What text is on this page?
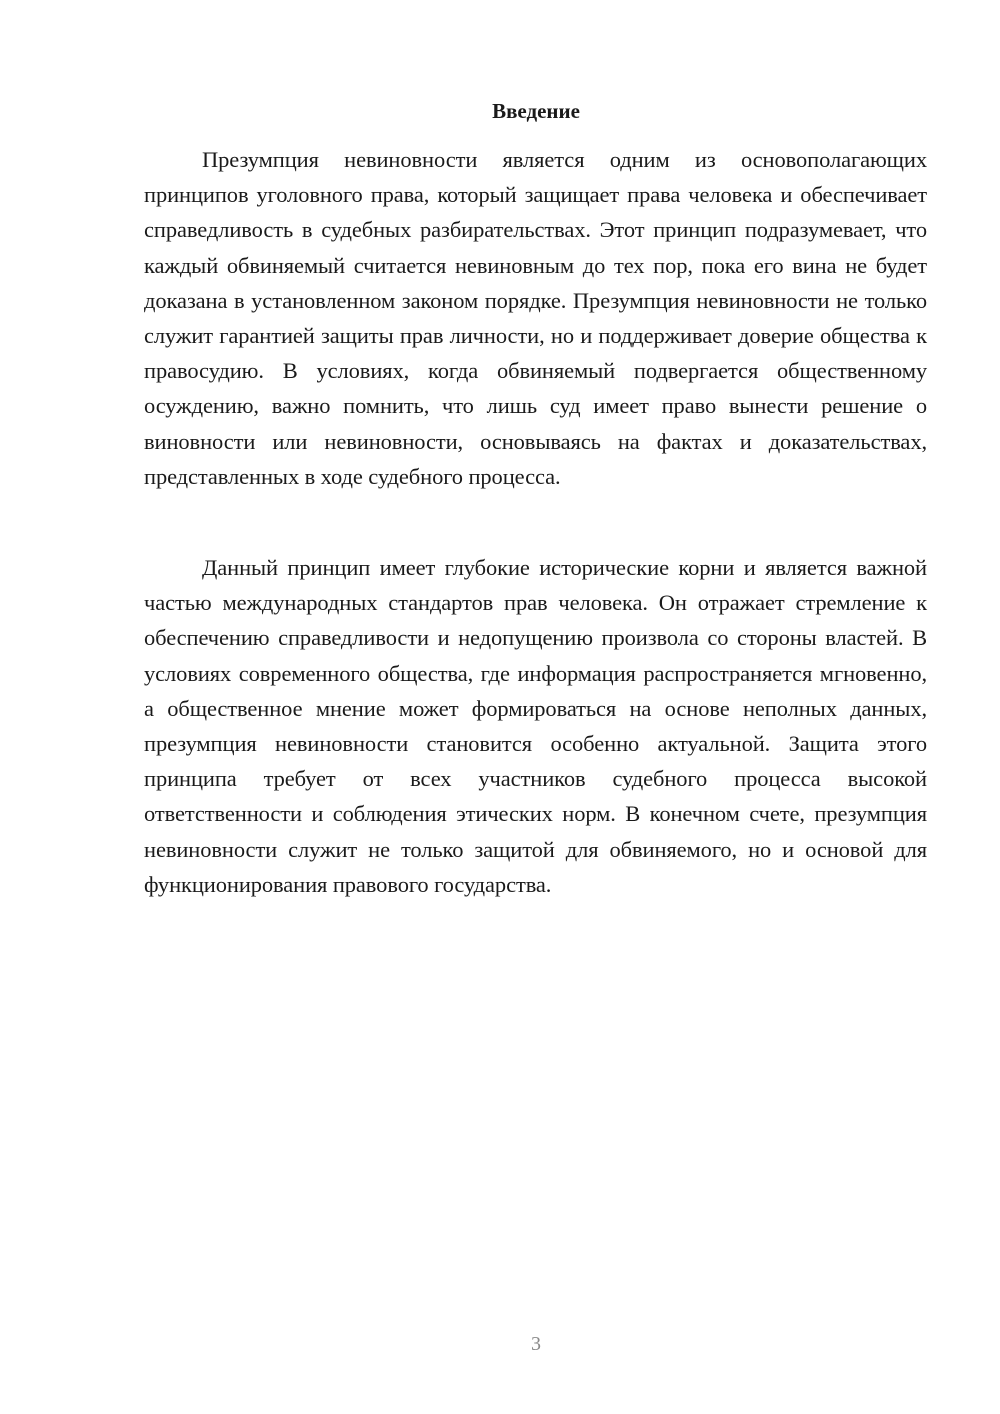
Введение

Презумпция невиновности является одним из основополагающих принципов уголовного права, который защищает права человека и обеспечивает справедливость в судебных разбирательствах. Этот принцип подразумевает, что каждый обвиняемый считается невиновным до тех пор, пока его вина не будет доказана в установленном законом порядке. Презумпция невиновности не только служит гарантией защиты прав личности, но и поддерживает доверие общества к правосудию. В условиях, когда обвиняемый подвергается общественному осуждению, важно помнить, что лишь суд имеет право вынести решение о виновности или невиновности, основываясь на фактах и доказательствах, представленных в ходе судебного процесса.

Данный принцип имеет глубокие исторические корни и является важной частью международных стандартов прав человека. Он отражает стремление к обеспечению справедливости и недопущению произвола со стороны властей. В условиях современного общества, где информация распространяется мгновенно, а общественное мнение может формироваться на основе неполных данных, презумпция невиновности становится особенно актуальной. Защита этого принципа требует от всех участников судебного процесса высокой ответственности и соблюдения этических норм. В конечном счете, презумпция невиновности служит не только защитой для обвиняемого, но и основой для функционирования правового государства.

3
